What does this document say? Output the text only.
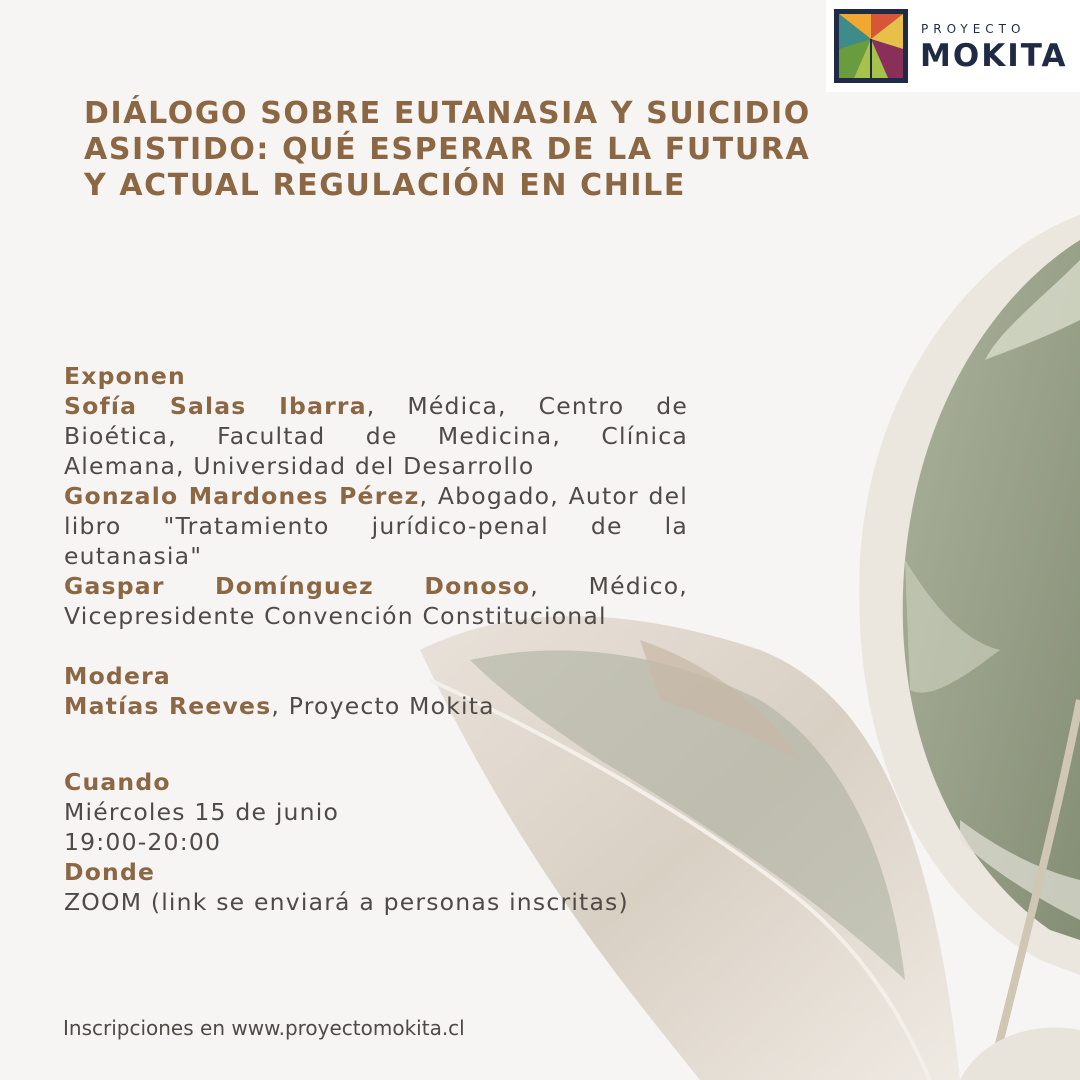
PROYECTO
MOKITA
DIÁLOGO SOBRE EUTANASIA Y SUICIDIO ASISTIDO: QUÉ ESPERAR DE LA FUTURA Y ACTUAL REGULACIÓN EN CHILE
Exponen
Sofía Salas Ibarra, Médica, Centro de Bioética, Facultad de Medicina, Clínica Alemana, Universidad del Desarrollo
Gonzalo Mardones Pérez, Abogado, Autor del libro "Tratamiento jurídico-penal de la eutanasia"
Gaspar Domínguez Donoso, Médico, Vicepresidente Convención Constitucional
Modera
Matías Reeves, Proyecto Mokita
Cuando
Miércoles 15 de junio
19:00-20:00
Donde
ZOOM (link se enviará a personas inscritas)
Inscripciones en www.proyectomokita.cl
